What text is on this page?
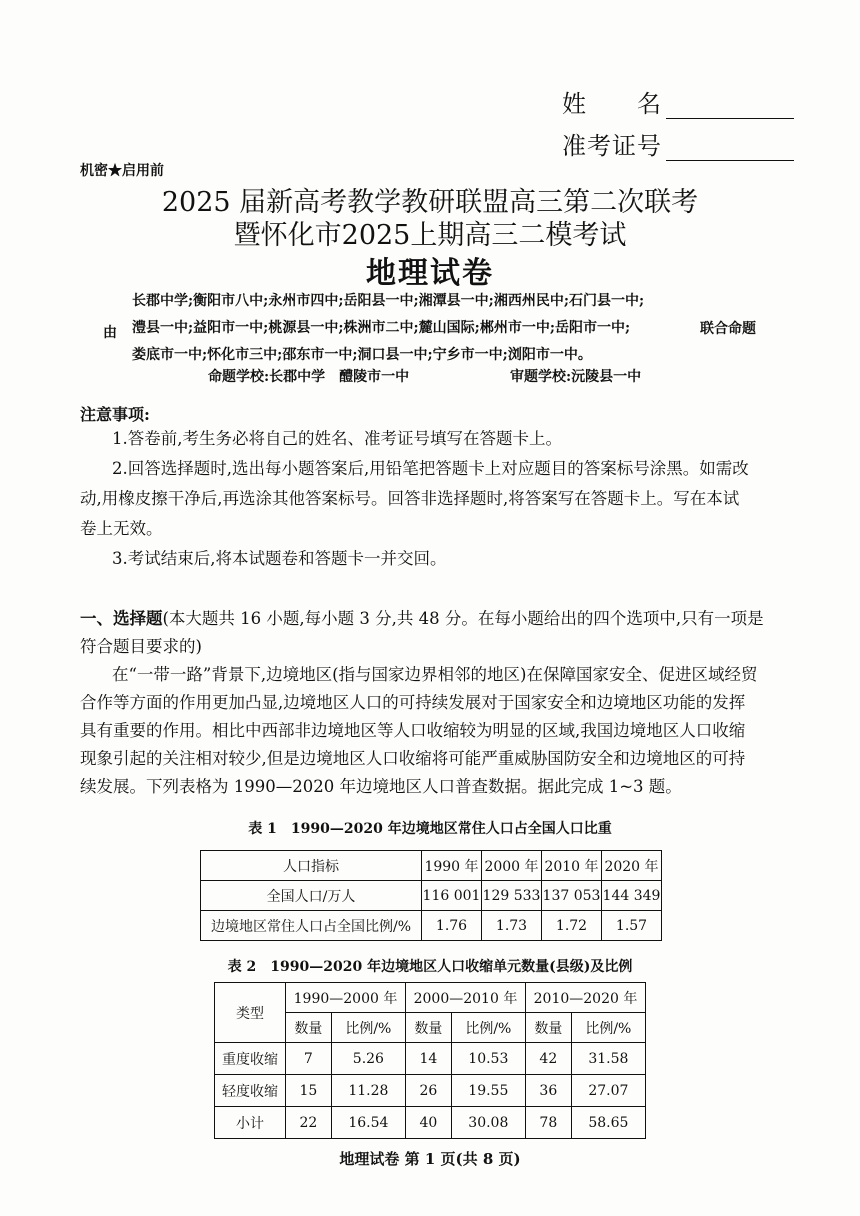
姓　　名
准考证号
机密★启用前
2025 届新高考教学教研联盟高三第二次联考
暨怀化市2025上期高三二模考试
地理试卷
由
长郡中学;衡阳市八中;永州市四中;岳阳县一中;湘潭县一中;湘西州民中;石门县一中;
澧县一中;益阳市一中;桃源县一中;株洲市二中;麓山国际;郴州市一中;岳阳市一中;
娄底市一中;怀化市三中;邵东市一中;洞口县一中;宁乡市一中;浏阳市一中。
联合命题
命题学校:长郡中学　醴陵市一中	审题学校:沅陵县一中
注意事项:
1.答卷前,考生务必将自己的姓名、准考证号填写在答题卡上。
2.回答选择题时,选出每小题答案后,用铅笔把答题卡上对应题目的答案标号涂黑。如需改
动,用橡皮擦干净后,再选涂其他答案标号。回答非选择题时,将答案写在答题卡上。写在本试
卷上无效。
3.考试结束后,将本试题卷和答题卡一并交回。
一、选择题(本大题共 16 小题,每小题 3 分,共 48 分。在每小题给出的四个选项中,只有一项是
符合题目要求的)
在“一带一路”背景下,边境地区(指与国家边界相邻的地区)在保障国家安全、促进区域经贸
合作等方面的作用更加凸显,边境地区人口的可持续发展对于国家安全和边境地区功能的发挥
具有重要的作用。相比中西部非边境地区等人口收缩较为明显的区域,我国边境地区人口收缩
现象引起的关注相对较少,但是边境地区人口收缩将可能严重威胁国防安全和边境地区的可持
续发展。下列表格为 1990—2020 年边境地区人口普查数据。据此完成 1~3 题。
表 1　1990—2020 年边境地区常住人口占全国人口比重
人口指标	1990 年	2000 年	2010 年	2020 年
全国人口/万人	116 001	129 533	137 053	144 349
边境地区常住人口占全国比例/%	1.76	1.73	1.72	1.57
表 2　1990—2020 年边境地区人口收缩单元数量(县级)及比例
类型	1990—2000 年		2000—2010 年		2010—2020 年	
	数量	比例/%	数量	比例/%	数量	比例/%
重度收缩	7	5.26	14	10.53	42	31.58
轻度收缩	15	11.28	26	19.55	36	27.07
小计	22	16.54	40	30.08	78	58.65
地理试卷 第 1 页(共 8 页)
